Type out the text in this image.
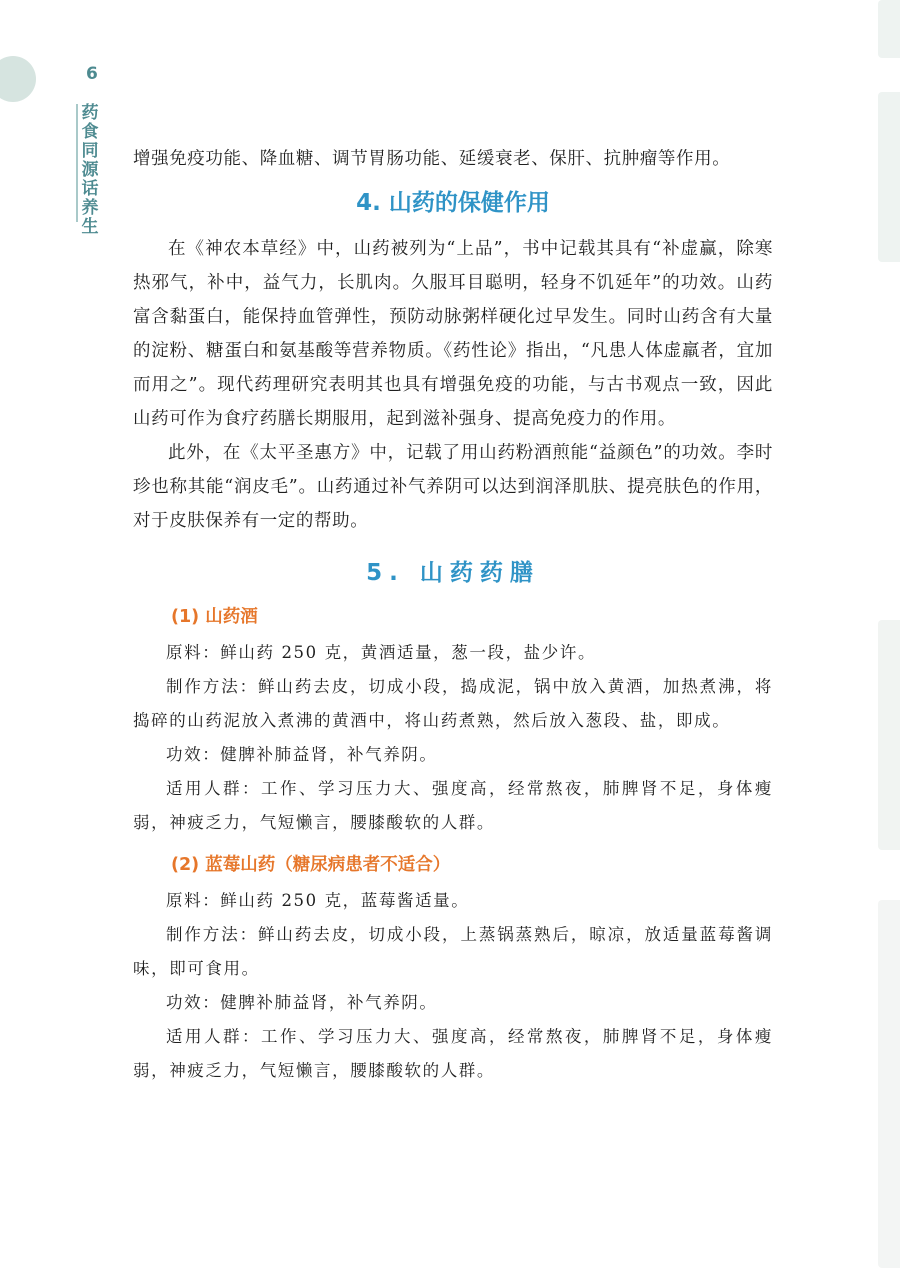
6
药食同源话养生

增强免疫功能、降血糖、调节胃肠功能、延缓衰老、保肝、抗肿瘤等作用。

4. 山药的保健作用

在《神农本草经》中，山药被列为“上品”，书中记载其具有“补虚赢，除寒热邪气，补中，益气力，长肌肉。久服耳目聪明，轻身不饥延年”的功效。山药富含黏蛋白，能保持血管弹性，预防动脉粥样硬化过早发生。同时山药含有大量的淀粉、糖蛋白和氨基酸等营养物质。《药性论》指出，“凡患人体虚羸者，宜加而用之”。现代药理研究表明其也具有增强免疫的功能，与古书观点一致，因此山药可作为食疗药膳长期服用，起到滋补强身、提高免疫力的作用。

此外，在《太平圣惠方》中，记载了用山药粉酒煎能“益颜色”的功效。李时珍也称其能“润皮毛”。山药通过补气养阴可以达到润泽肌肤、提亮肤色的作用，对于皮肤保养有一定的帮助。

5. 山药药膳
(1) 山药酒

原料：鲜山药 250 克，黄酒适量，葱一段，盐少许。

制作方法：鲜山药去皮，切成小段，捣成泥，锅中放入黄酒，加热煮沸，将捣碎的山药泥放入煮沸的黄酒中，将山药煮熟，然后放入葱段、盐，即成。

功效：健脾补肺益肾，补气养阴。

适用人群：工作、学习压力大、强度高，经常熬夜，肺脾肾不足，身体瘦弱，神疲乏力，气短懒言，腰膝酸软的人群。

(2) 蓝莓山药（糖尿病患者不适合）

原料：鲜山药 250 克，蓝莓酱适量。

制作方法：鲜山药去皮，切成小段，上蒸锅蒸熟后，晾凉，放适量蓝莓酱调味，即可食用。

功效：健脾补肺益肾，补气养阴。

适用人群：工作、学习压力大、强度高，经常熬夜，肺脾肾不足，身体瘦弱，神疲乏力，气短懒言，腰膝酸软的人群。
